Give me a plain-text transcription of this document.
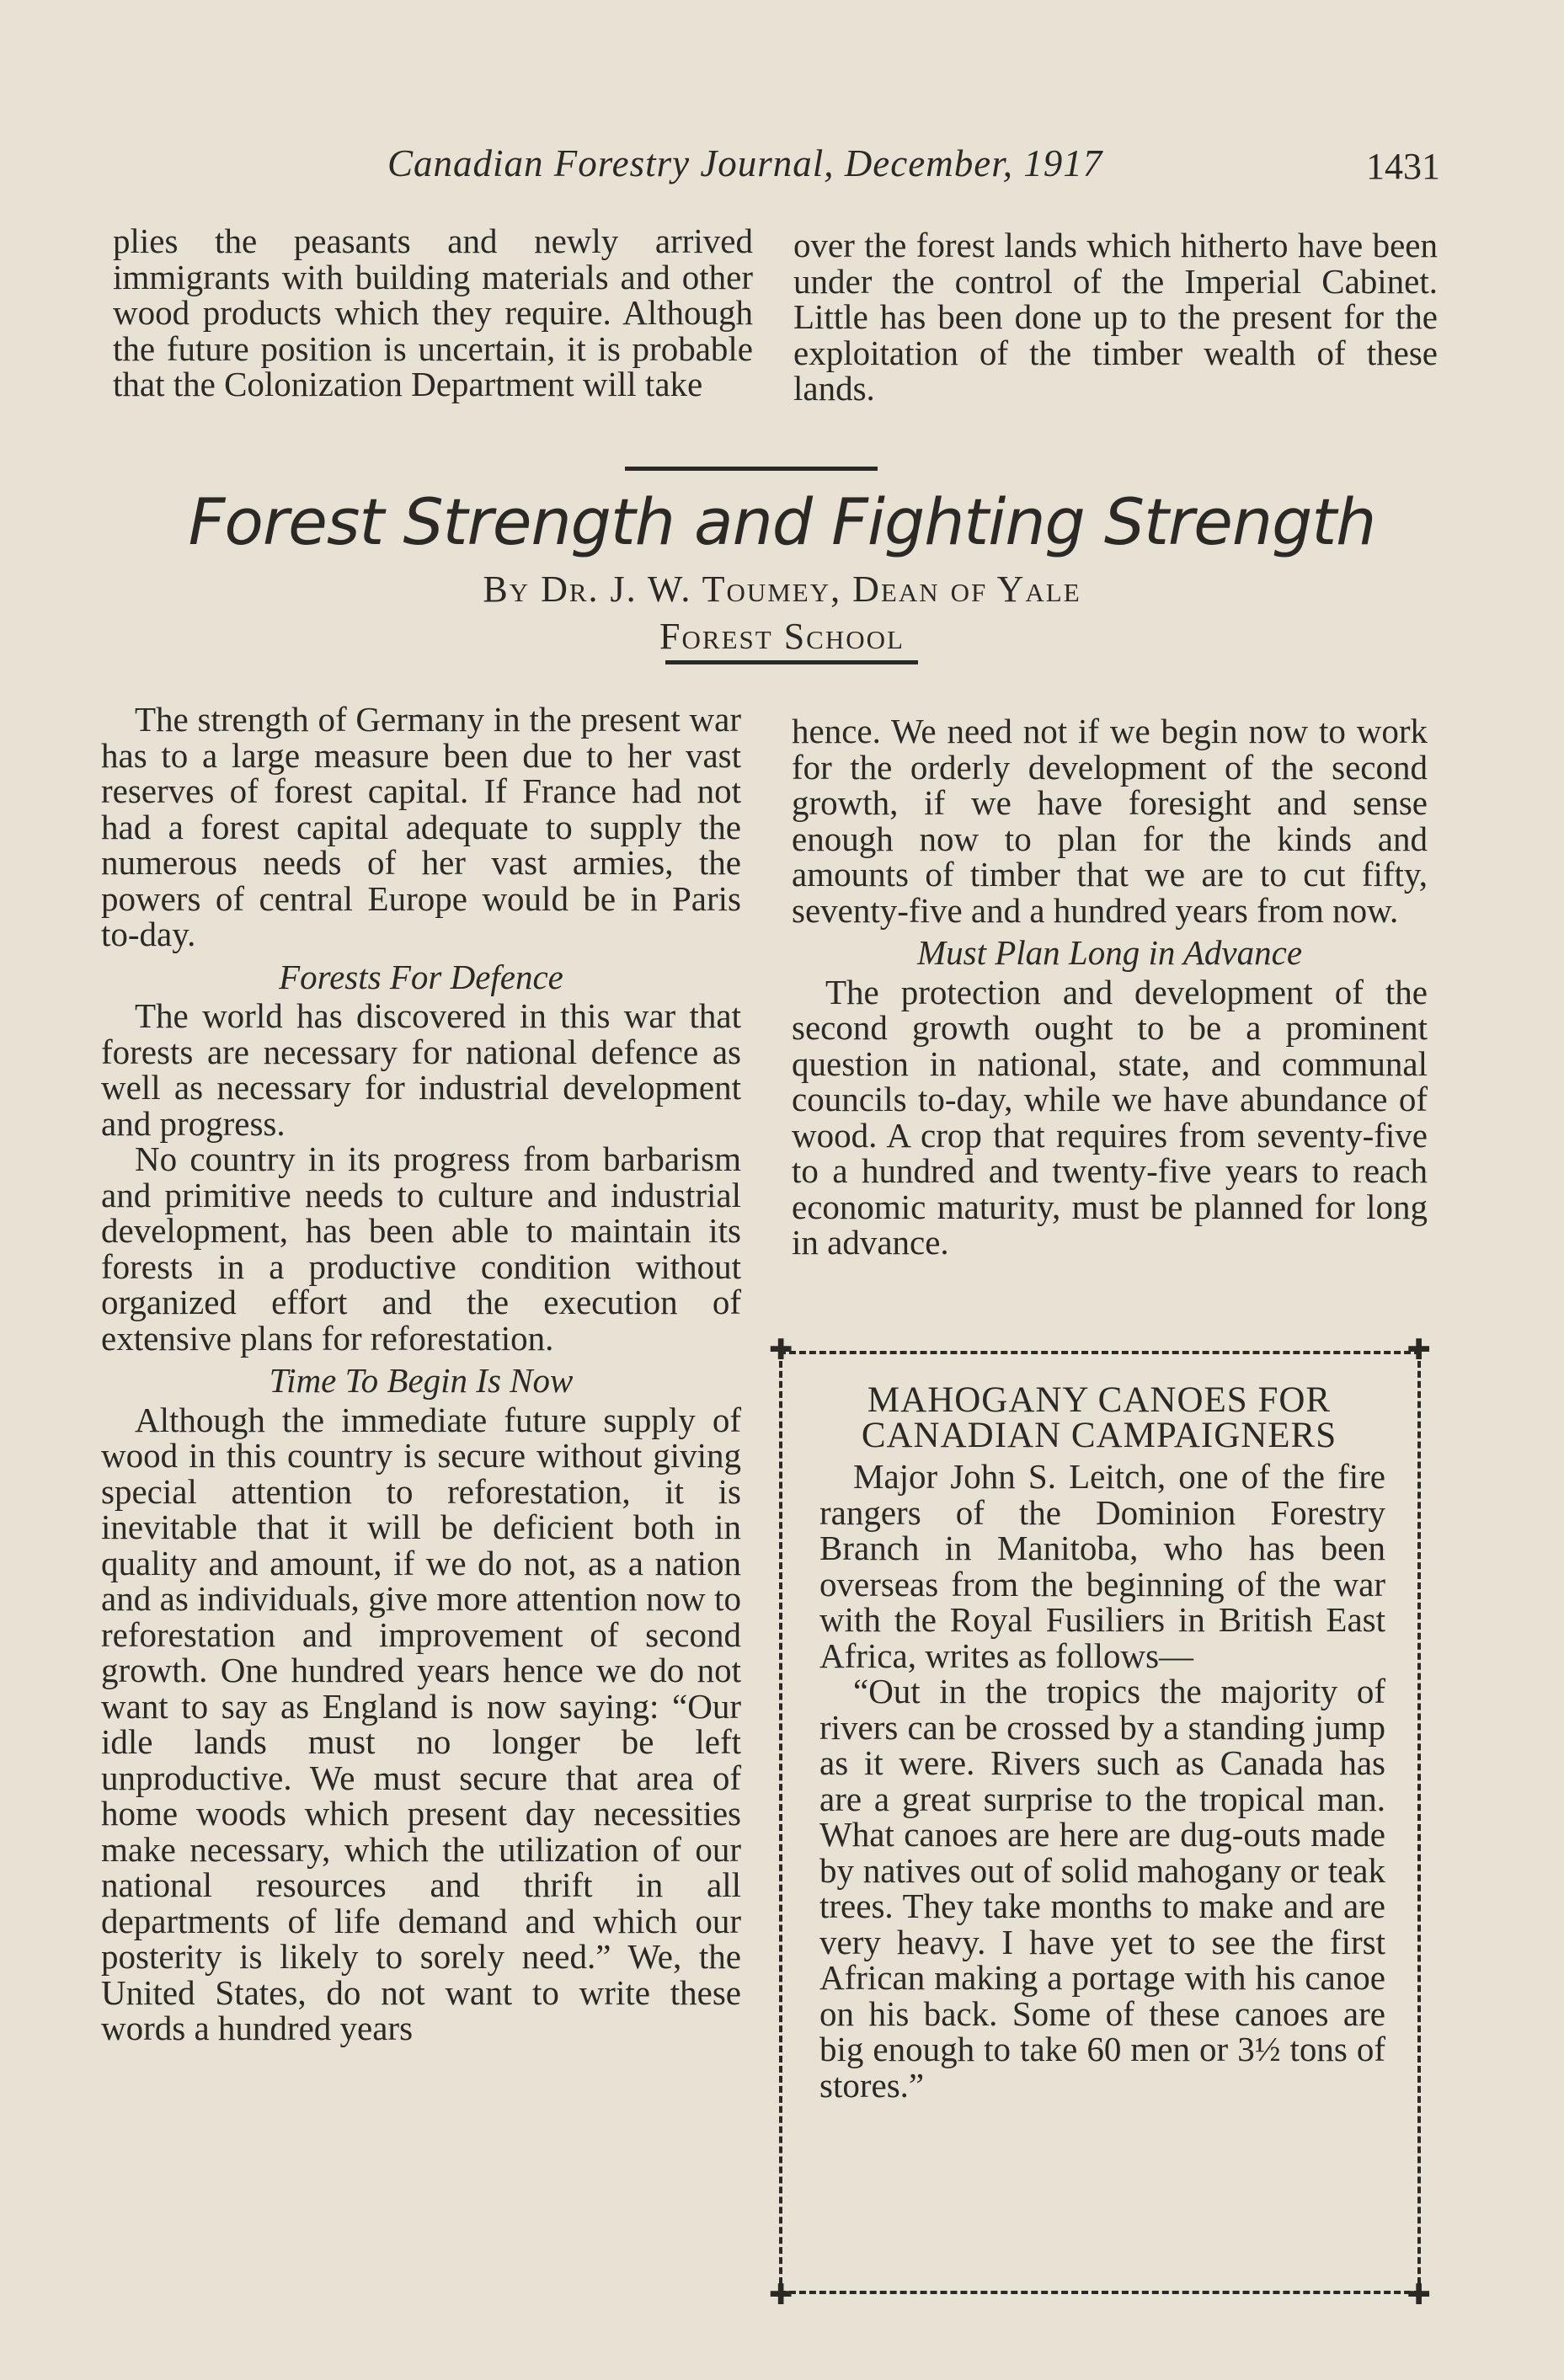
Canadian Forestry Journal, December, 1917	1431

plies the peasants and newly arrived immigrants with building materials and other wood products which they require. Although the future position is uncertain, it is probable that the Colonization Department will take

over the forest lands which hitherto have been under the control of the Imperial Cabinet. Little has been done up to the present for the exploitation of the timber wealth of these lands.

Forest Strength and Fighting Strength
By Dr. J. W. Toumey, Dean of Yale
Forest School

The strength of Germany in the present war has to a large measure been due to her vast reserves of forest capital. If France had not had a forest capital adequate to supply the numerous needs of her vast armies, the powers of central Europe would be in Paris to-day.

Forests For Defence

The world has discovered in this war that forests are necessary for national defence as well as necessary for industrial development and progress.

No country in its progress from barbarism and primitive needs to culture and industrial development, has been able to maintain its forests in a productive condition without organized effort and the execution of extensive plans for reforestation.

Time To Begin Is Now

Although the immediate future supply of wood in this country is secure without giving special attention to reforestation, it is inevitable that it will be deficient both in quality and amount, if we do not, as a nation and as individuals, give more attention now to reforestation and improvement of second growth. One hundred years hence we do not want to say as England is now saying: “Our idle lands must no longer be left unproductive. We must secure that area of home woods which present day necessities make necessary, which the utilization of our national resources and thrift in all departments of life demand and which our posterity is likely to sorely need.” We, the United States, do not want to write these words a hundred years

hence. We need not if we begin now to work for the orderly development of the second growth, if we have foresight and sense enough now to plan for the kinds and amounts of timber that we are to cut fifty, seventy-five and a hundred years from now.

Must Plan Long in Advance

The protection and development of the second growth ought to be a prominent question in national, state, and communal councils to-day, while we have abundance of wood. A crop that requires from seventy-five to a hundred and twenty-five years to reach economic maturity, must be planned for long in advance.

✚	✚
✚	✚
MAHOGANY CANOES FOR
CANADIAN CAMPAIGNERS

Major John S. Leitch, one of the fire rangers of the Dominion Forestry Branch in Manitoba, who has been overseas from the beginning of the war with the Royal Fusiliers in British East Africa, writes as follows—

“Out in the tropics the majority of rivers can be crossed by a standing jump as it were. Rivers such as Canada has are a great surprise to the tropical man. What canoes are here are dug-outs made by natives out of solid mahogany or teak trees. They take months to make and are very heavy. I have yet to see the first African making a portage with his canoe on his back. Some of these canoes are big enough to take 60 men or 3½ tons of stores.”
